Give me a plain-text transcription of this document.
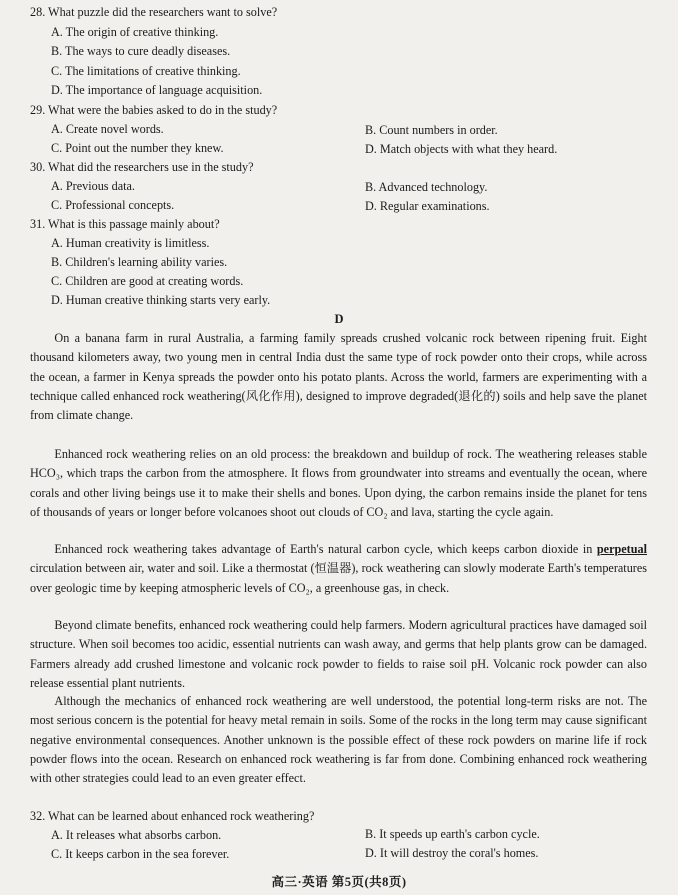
28. What puzzle did the researchers want to solve?
A. The origin of creative thinking.
B. The ways to cure deadly diseases.
C. The limitations of creative thinking.
D. The importance of language acquisition.
29. What were the babies asked to do in the study?
A. Create novel words.	B. Count numbers in order.
C. Point out the number they knew.	D. Match objects with what they heard.
30. What did the researchers use in the study?
A. Previous data.	B. Advanced technology.
C. Professional concepts.	D. Regular examinations.
31. What is this passage mainly about?
A. Human creativity is limitless.
B. Children's learning ability varies.
C. Children are good at creating words.
D. Human creative thinking starts very early.
D

On a banana farm in rural Australia, a farming family spreads crushed volcanic rock between ripening fruit. Eight thousand kilometers away, two young men in central India dust the same type of rock powder onto their crops, while across the ocean, a farmer in Kenya spreads the powder onto his potato plants. Across the world, farmers are experimenting with a technique called enhanced rock weathering(风化作用), designed to improve degraded(退化的) soils and help save the planet from climate change.

Enhanced rock weathering relies on an old process: the breakdown and buildup of rock. The weathering releases stable HCO₃, which traps the carbon from the atmosphere. It flows from groundwater into streams and eventually the ocean, where corals and other living beings use it to make their shells and bones. Upon dying, the carbon remains inside the planet for tens of thousands of years or longer before volcanoes shoot out clouds of CO₂ and lava, starting the cycle again.

Enhanced rock weathering takes advantage of Earth's natural carbon cycle, which keeps carbon dioxide in perpetual circulation between air, water and soil. Like a thermostat (恒温器), rock weathering can slowly moderate Earth's temperatures over geologic time by keeping atmospheric levels of CO₂, a greenhouse gas, in check.

Beyond climate benefits, enhanced rock weathering could help farmers. Modern agricultural practices have damaged soil structure. When soil becomes too acidic, essential nutrients can wash away, and germs that help plants grow can be damaged. Farmers already add crushed limestone and volcanic rock powder to fields to raise soil pH. Volcanic rock powder can also release essential plant nutrients.

Although the mechanics of enhanced rock weathering are well understood, the potential long-term risks are not. The most serious concern is the potential for heavy metal remain in soils. Some of the rocks in the long term may cause significant negative environmental consequences. Another unknown is the possible effect of these rock powders on marine life if rock powder flows into the ocean. Research on enhanced rock weathering is far from done. Combining enhanced rock weathering with other strategies could lead to an even greater effect.

32. What can be learned about enhanced rock weathering?
A. It releases what absorbs carbon.	B. It speeds up earth's carbon cycle.
C. It keeps carbon in the sea forever.	D. It will destroy the coral's homes.
高三·英语 第5页(共8页)
